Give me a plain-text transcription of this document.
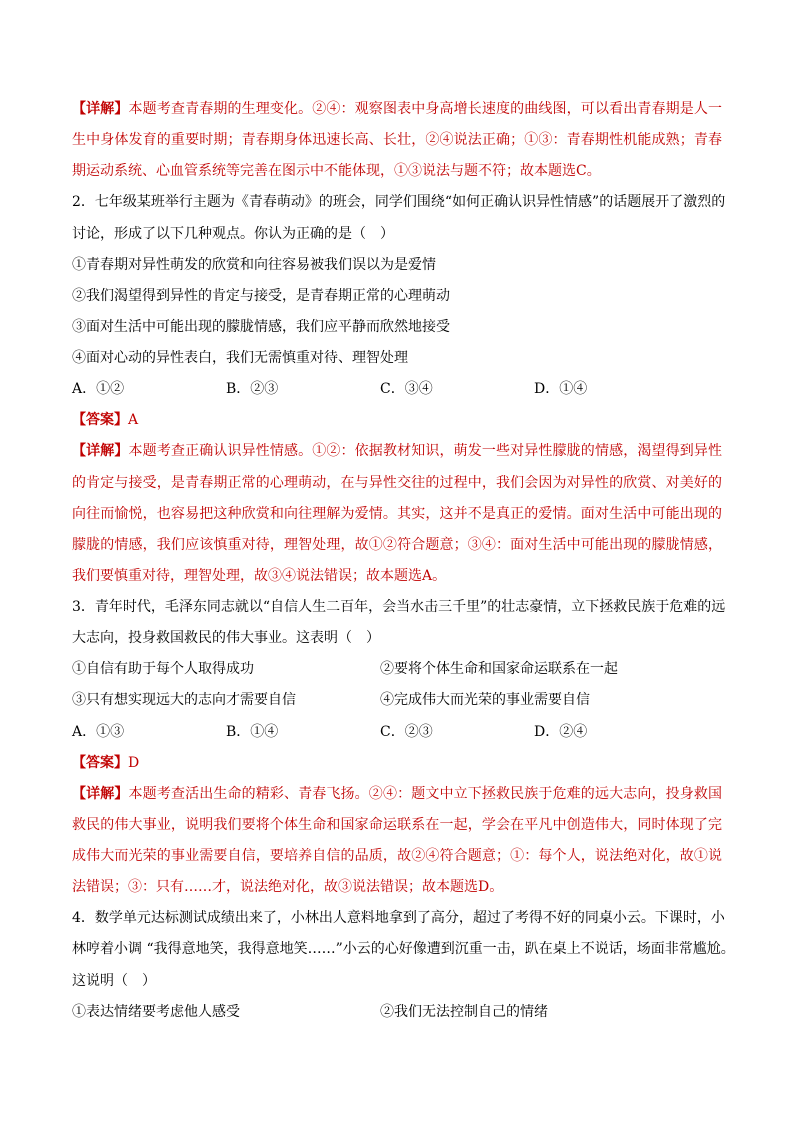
【详解】本题考查青春期的生理变化。②④：观察图表中身高增长速度的曲线图，可以看出青春期是人一
生中身体发育的重要时期；青春期身体迅速长高、长壮，②④说法正确；①③：青春期性机能成熟；青春
期运动系统、心血管系统等完善在图示中不能体现，①③说法与题不符；故本题选C。
2．七年级某班举行主题为《青春萌动》的班会，同学们围绕“如何正确认识异性情感”的话题展开了激烈的
讨论，形成了以下几种观点。你认为正确的是（　）
①青春期对异性萌发的欣赏和向往容易被我们误以为是爱情
②我们渴望得到异性的肯定与接受，是青春期正常的心理萌动
③面对生活中可能出现的朦胧情感，我们应平静而欣然地接受
④面对心动的异性表白，我们无需慎重对待、理智处理
A．①②	B．②③	C．③④	D．①④
【答案】A
【详解】本题考查正确认识异性情感。①②：依据教材知识，萌发一些对异性朦胧的情感，渴望得到异性
的肯定与接受，是青春期正常的心理萌动，在与异性交往的过程中，我们会因为对异性的欣赏、对美好的
向往而愉悦，也容易把这种欣赏和向往理解为爱情。其实，这并不是真正的爱情。面对生活中可能出现的
朦胧的情感，我们应该慎重对待，理智处理，故①②符合题意；③④：面对生活中可能出现的朦胧情感，
我们要慎重对待，理智处理，故③④说法错误；故本题选A。
3．青年时代，毛泽东同志就以“自信人生二百年，会当水击三千里”的壮志豪情，立下拯救民族于危难的远
大志向，投身救国救民的伟大事业。这表明（　）
①自信有助于每个人取得成功	②要将个体生命和国家命运联系在一起
③只有想实现远大的志向才需要自信	④完成伟大而光荣的事业需要自信
A．①③	B．①④	C．②③	D．②④
【答案】D
【详解】本题考查活出生命的精彩、青春飞扬。②④：题文中立下拯救民族于危难的远大志向，投身救国
救民的伟大事业，说明我们要将个体生命和国家命运联系在一起，学会在平凡中创造伟大，同时体现了完
成伟大而光荣的事业需要自信，要培养自信的品质，故②④符合题意；①：每个人，说法绝对化，故①说
法错误；③：只有……才，说法绝对化，故③说法错误；故本题选D。
4．数学单元达标测试成绩出来了，小林出人意料地拿到了高分，超过了考得不好的同桌小云。下课时，小
林哼着小调 “我得意地笑，我得意地笑……”小云的心好像遭到沉重一击，趴在桌上不说话，场面非常尴尬。
这说明（　）
①表达情绪要考虑他人感受	②我们无法控制自己的情绪
